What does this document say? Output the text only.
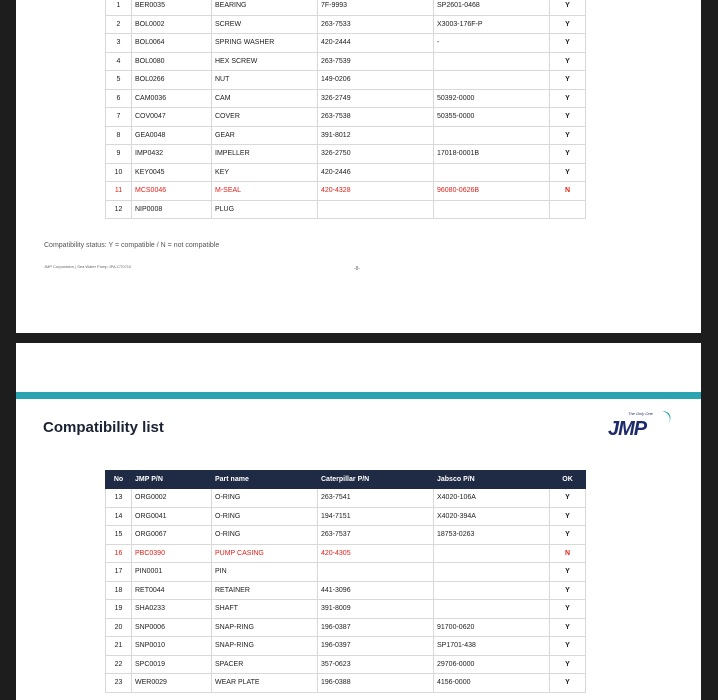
1	BER0035	BEARING	7F-9993	SP2601-0468	Y
2	BOL0002	SCREW	263-7533	X3003-176F-P	Y
3	BOL0064	SPRING WASHER	420-2444	-	Y
4	BOL0080	HEX SCREW	263-7539		Y
5	BOL0266	NUT	149-0206		Y
6	CAM0036	CAM	326-2749	50392-0000	Y
7	COV0047	COVER	263-7538	50355-0000	Y
8	GEA0048	GEAR	391-8012		Y
9	IMP0432	IMPELLER	326-2750	17018-0001B	Y
10	KEY0045	KEY	420-2446		Y
11	MCS0046	M-SEAL	420-4328	96080-0626B	N
12	NIP0008	PLUG			
Compatibility status: Y = compatible / N = not compatible
JMP Corporation | Sea Water Pump JPA-CT0710	-8-
Compatibility list
The Only One
JMP
No	JMP P/N	Part name	Caterpillar P/N	Jabsco P/N	OK
13	ORG0002	O-RING	263-7541	X4020-106A	Y
14	ORG0041	O-RING	194-7151	X4020-394A	Y
15	ORG0067	O-RING	263-7537	18753-0263	Y
16	PBC0390	PUMP CASING	420-4305		N
17	PIN0001	PIN			Y
18	RET0044	RETAINER	441-3096		Y
19	SHA0233	SHAFT	391-8009		Y
20	SNP0006	SNAP-RING	196-0387	91700-0620	Y
21	SNP0010	SNAP-RING	196-0397	SP1701-438	Y
22	SPC0019	SPACER	357-0623	29706-0000	Y
23	WER0029	WEAR PLATE	196-0388	4156-0000	Y
